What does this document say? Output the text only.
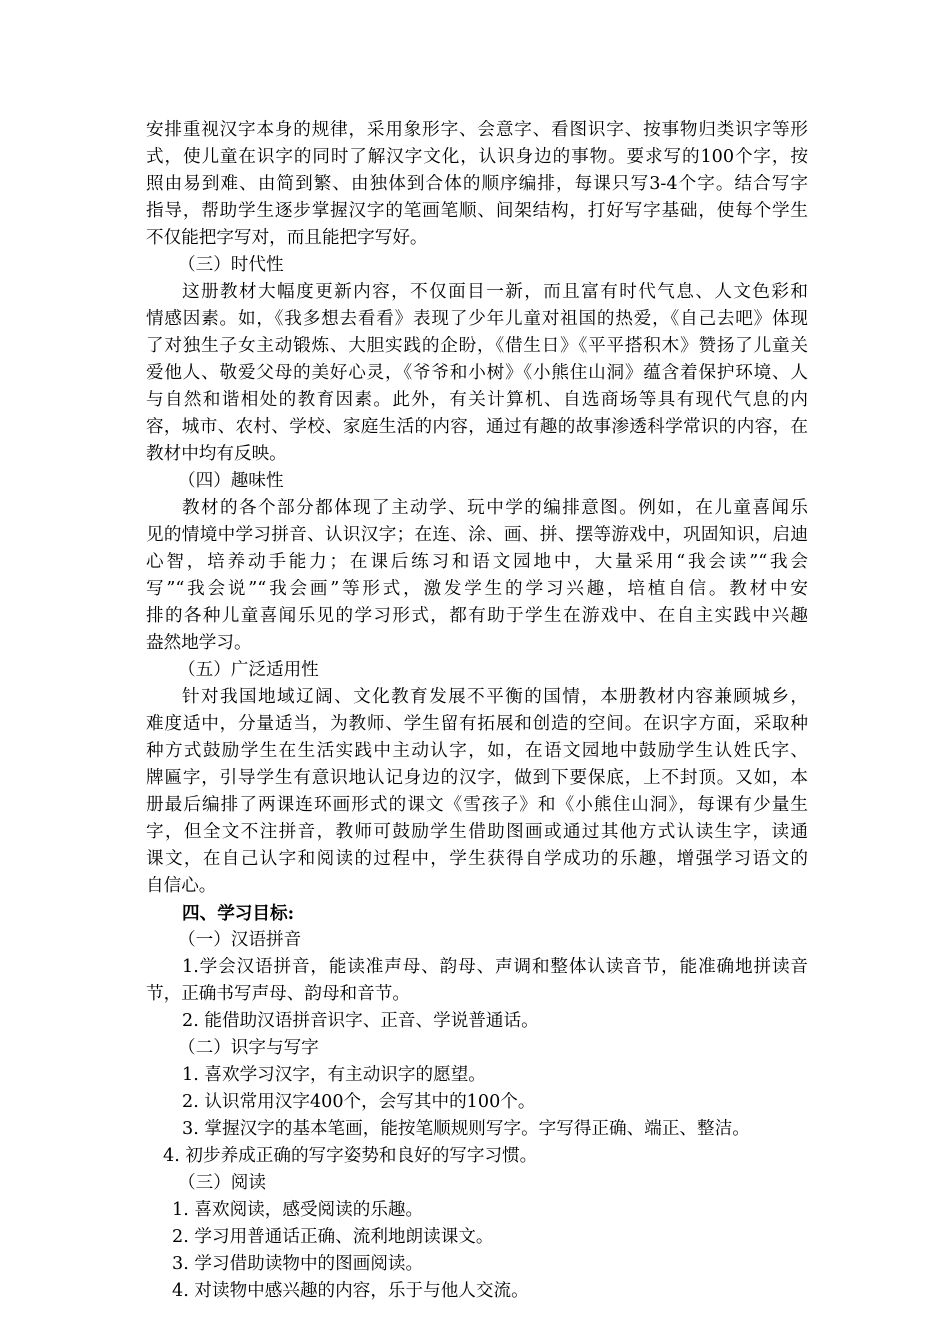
安排重视汉字本身的规律，采用象形字、会意字、看图识字、按事物归类识字等形
式，使儿童在识字的同时了解汉字文化，认识身边的事物。要求写的100个字，按
照由易到难、由简到繁、由独体到合体的顺序编排，每课只写3-4个字。结合写字
指导，帮助学生逐步掌握汉字的笔画笔顺、间架结构，打好写字基础，使每个学生
不仅能把字写对，而且能把字写好。
（三）时代性
这册教材大幅度更新内容，不仅面目一新，而且富有时代气息、人文色彩和
情感因素。如，《我多想去看看》表现了少年儿童对祖国的热爱，《自己去吧》体现
了对独生子女主动锻炼、大胆实践的企盼，《借生日》《平平搭积木》赞扬了儿童关
爱他人、敬爱父母的美好心灵，《爷爷和小树》《小熊住山洞》蕴含着保护环境、人
与自然和谐相处的教育因素。此外，有关计算机、自选商场等具有现代气息的内
容，城市、农村、学校、家庭生活的内容，通过有趣的故事渗透科学常识的内容，在
教材中均有反映。
（四）趣味性
教材的各个部分都体现了主动学、玩中学的编排意图。例如，在儿童喜闻乐
见的情境中学习拼音、认识汉字；在连、涂、画、拼、摆等游戏中，巩固知识，启迪
心智，培养动手能力；在课后练习和语文园地中，大量采用“我会读”“我会
写”“我会说”“我会画”等形式，激发学生的学习兴趣，培植自信。教材中安
排的各种儿童喜闻乐见的学习形式，都有助于学生在游戏中、在自主实践中兴趣
盎然地学习。
（五）广泛适用性
针对我国地域辽阔、文化教育发展不平衡的国情，本册教材内容兼顾城乡，
难度适中，分量适当，为教师、学生留有拓展和创造的空间。在识字方面，采取种
种方式鼓励学生在生活实践中主动认字，如，在语文园地中鼓励学生认姓氏字、
牌匾字，引导学生有意识地认记身边的汉字，做到下要保底，上不封顶。又如，本
册最后编排了两课连环画形式的课文《雪孩子》和《小熊住山洞》，每课有少量生
字，但全文不注拼音，教师可鼓励学生借助图画或通过其他方式认读生字，读通
课文，在自己认字和阅读的过程中，学生获得自学成功的乐趣，增强学习语文的
自信心。
四、学习目标:
（一）汉语拼音
1.学会汉语拼音，能读准声母、韵母、声调和整体认读音节，能准确地拼读音
节，正确书写声母、韵母和音节。
2. 能借助汉语拼音识字、正音、学说普通话。
（二）识字与写字
1. 喜欢学习汉字，有主动识字的愿望。
2. 认识常用汉字400个，会写其中的100个。
3. 掌握汉字的基本笔画，能按笔顺规则写字。字写得正确、端正、整洁。
4. 初步养成正确的写字姿势和良好的写字习惯。
（三）阅读
1. 喜欢阅读，感受阅读的乐趣。
2. 学习用普通话正确、流利地朗读课文。
3. 学习借助读物中的图画阅读。
4. 对读物中感兴趣的内容，乐于与他人交流。
